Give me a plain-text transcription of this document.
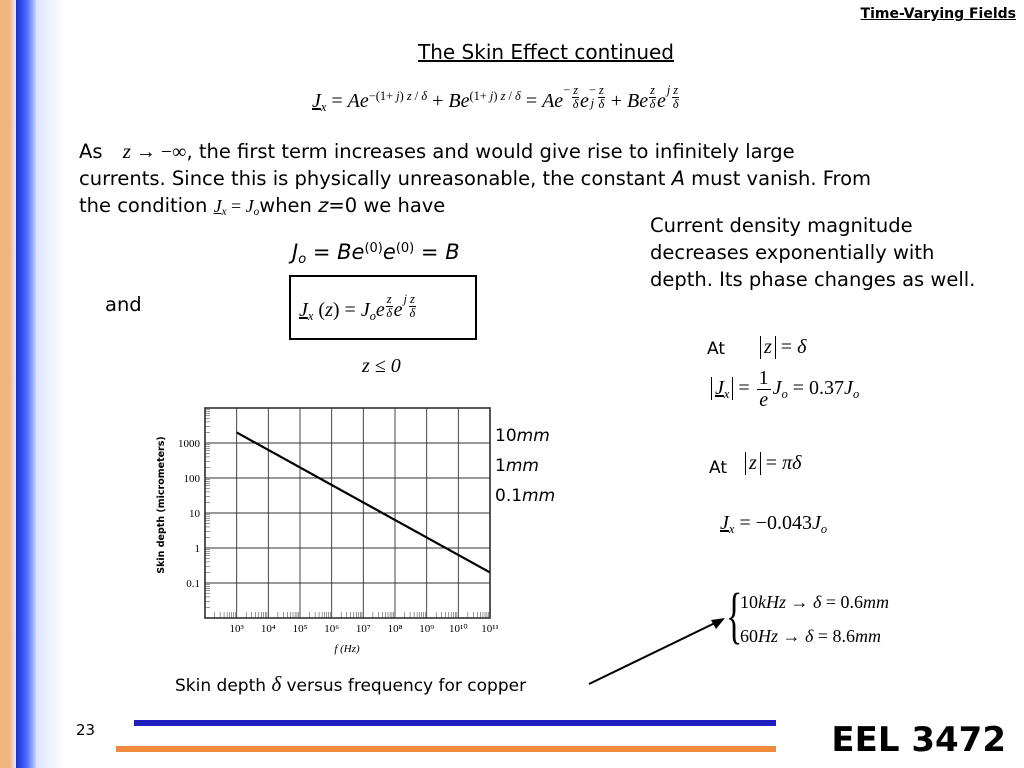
Time-Varying Fields
The Skin Effect continued
$Jx = Ae^{-(1+ j) z / \delta} + Be^{(1+ j) z / \delta} = Ae- \frac{z}{\delta} e-$
j $\frac{z}{\delta} + Be \frac{z}{\delta}$ e j $\frac{z}{\delta}$
As z → −∞, the first term increases and would give rise to infinitely large
currents. Since this is physically unreasonable, the constant A must vanish. From
the condition Jx = Jowhen z=0 we have
Current density magnitude decreases exponentially with depth. Its phase changes as well.
$Jo = Be^{(0)}e^{(0)} = B$
and	Jx (z) = Joe $\frac{z}{\delta}$ e j $\frac{z}{\delta}$
z ≤ 0
At z = δ
$Jx = \frac{1}{e}$ Jo = 0.37Jo
At z = πδ
Jx = −0.043Jo
{
10kHz → δ = 0.6mm
60Hz → δ = 8.6mm
10³ 10⁴ 10⁵ 10⁶ 10⁷ 10⁸ 10⁹ 10¹⁰ 10¹¹
1000
100
10
1
0.1
Skin depth (micrometers)
f (Hz)
10mm
1mm
0.1mm
Skin depth δ versus frequency for copper
23	EEL 3472
